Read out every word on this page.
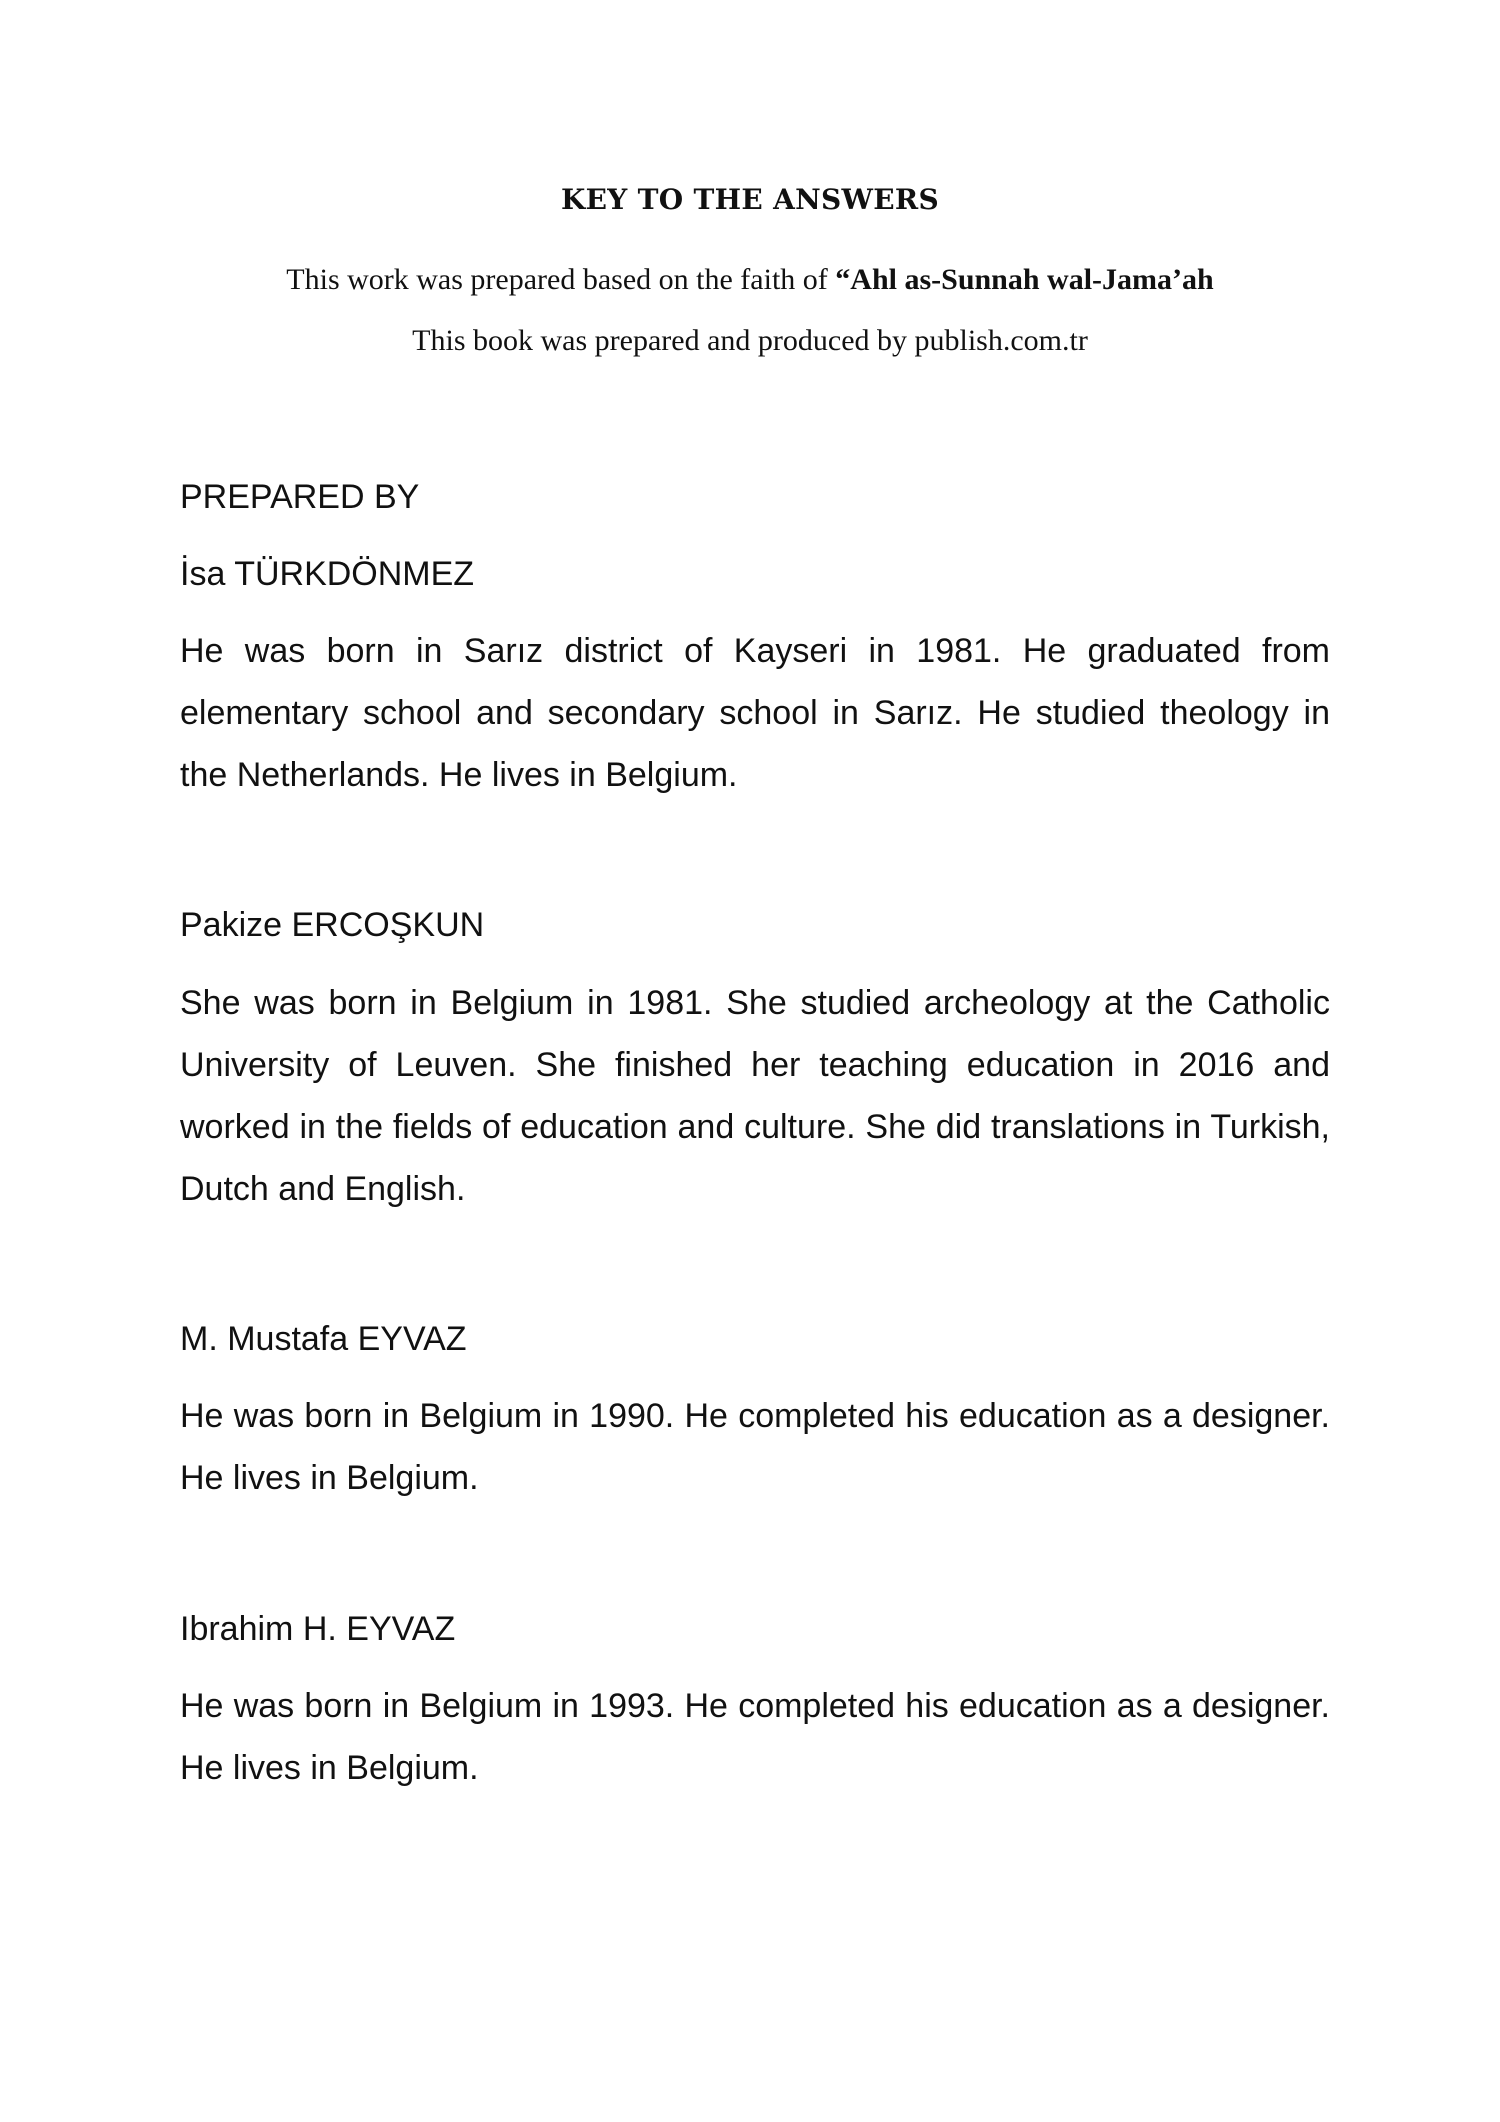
KEY TO THE ANSWERS
This work was prepared based on the faith of “Ahl as-Sunnah wal-Jama’ah
This book was prepared and produced by publish.com.tr
PREPARED BY
İsa TÜRKDÖNMEZ

He was born in Sarız district of Kayseri in 1981. He graduated from elementary school and secondary school in Sarız. He studied theology in the Netherlands. He lives in Belgium.

Pakize ERCOŞKUN

She was born in Belgium in 1981. She studied archeology at the Catholic University of Leuven. She finished her teaching education in 2016 and worked in the fields of education and culture. She did translations in Turkish, Dutch and English.

M. Mustafa EYVAZ

He was born in Belgium in 1990. He completed his education as a designer. He lives in Belgium.

Ibrahim H. EYVAZ

He was born in Belgium in 1993. He completed his education as a designer. He lives in Belgium.
